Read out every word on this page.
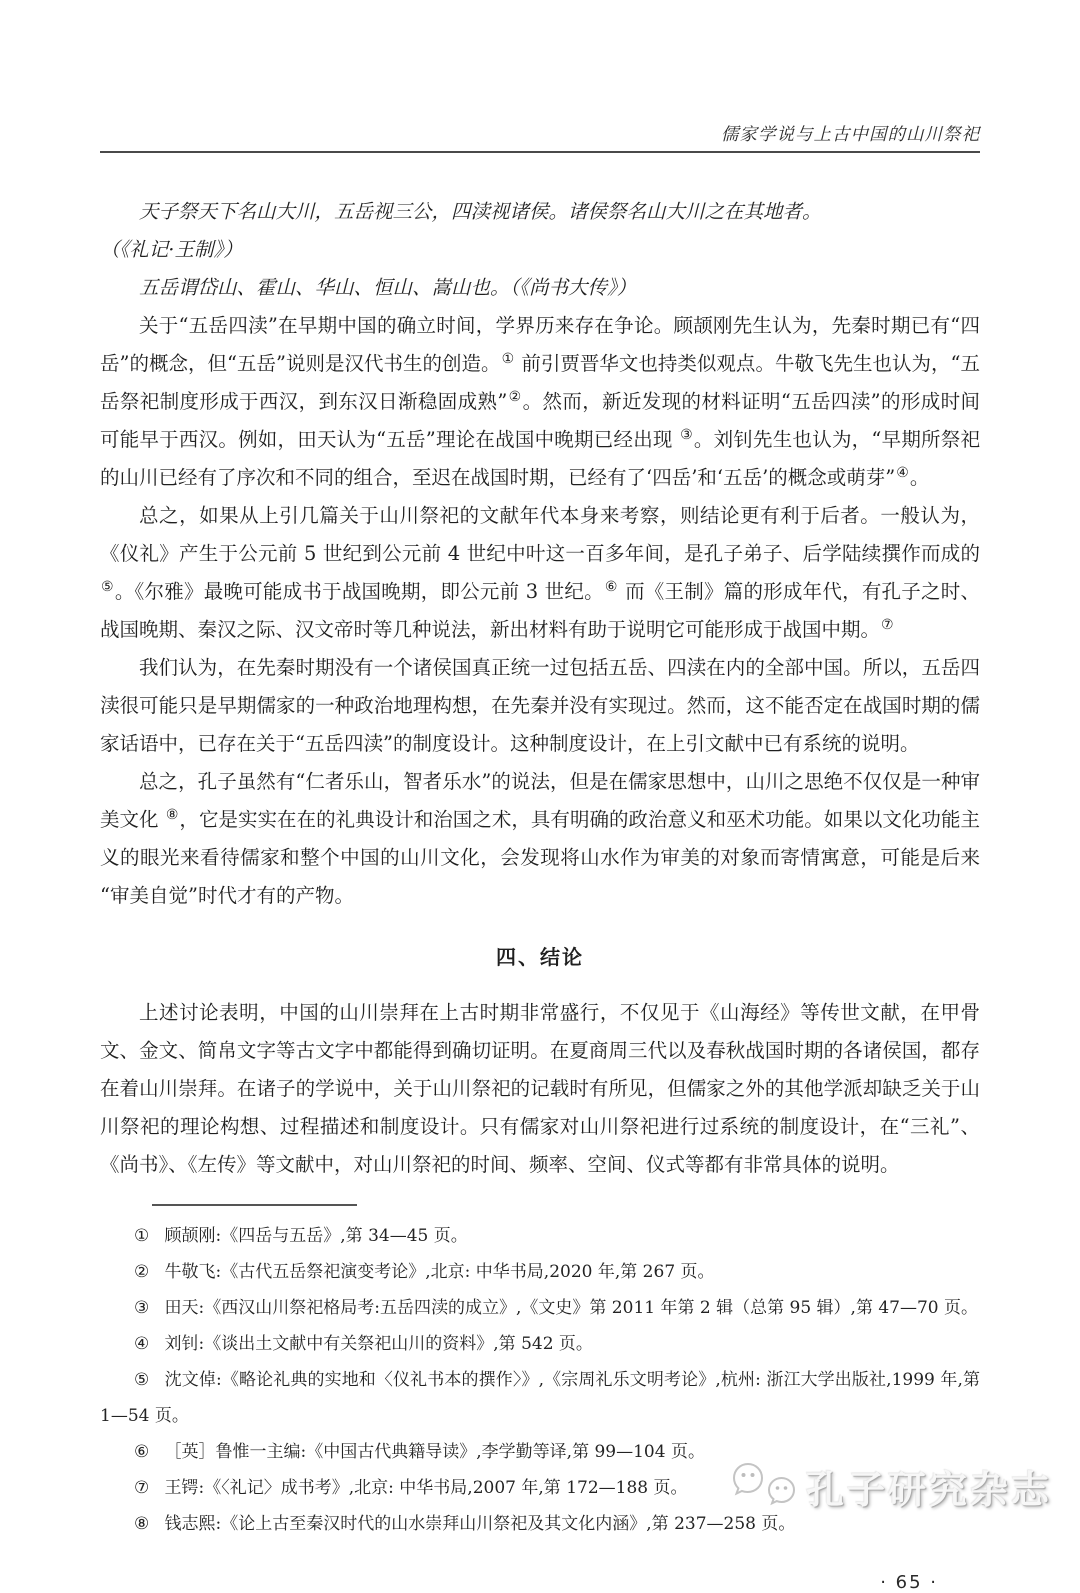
儒家学说与上古中国的山川祭祀

天子祭天下名山大川，五岳视三公，四渎视诸侯。诸侯祭名山大川之在其地者。

（《礼记·王制》）

五岳谓岱山、霍山、华山、恒山、嵩山也。（《尚书大传》）

关于“五岳四渎”在早期中国的确立时间，学界历来存在争论。顾颉刚先生认为，先秦时期已有“四岳”的概念，但“五岳”说则是汉代书生的创造。① 前引贾晋华文也持类似观点。牛敬飞先生也认为，“五岳祭祀制度形成于西汉，到东汉日渐稳固成熟”②。然而，新近发现的材料证明“五岳四渎”的形成时间可能早于西汉。例如，田天认为“五岳”理论在战国中晚期已经出现 ③。刘钊先生也认为，“早期所祭祀的山川已经有了序次和不同的组合，至迟在战国时期，已经有了‘四岳’和‘五岳’的概念或萌芽”④。

总之，如果从上引几篇关于山川祭祀的文献年代本身来考察，则结论更有利于后者。一般认为，《仪礼》产生于公元前 5 世纪到公元前 4 世纪中叶这一百多年间，是孔子弟子、后学陆续撰作而成的 ⑤。《尔雅》最晚可能成书于战国晚期，即公元前 3 世纪。⑥ 而《王制》篇的形成年代，有孔子之时、战国晚期、秦汉之际、汉文帝时等几种说法，新出材料有助于说明它可能形成于战国中期。⑦

我们认为，在先秦时期没有一个诸侯国真正统一过包括五岳、四渎在内的全部中国。所以，五岳四渎很可能只是早期儒家的一种政治地理构想，在先秦并没有实现过。然而，这不能否定在战国时期的儒家话语中，已存在关于“五岳四渎”的制度设计。这种制度设计，在上引文献中已有系统的说明。

总之，孔子虽然有“仁者乐山，智者乐水”的说法，但是在儒家思想中，山川之思绝不仅仅是一种审美文化 ⑧，它是实实在在的礼典设计和治国之术，具有明确的政治意义和巫术功能。如果以文化功能主义的眼光来看待儒家和整个中国的山川文化，会发现将山水作为审美的对象而寄情寓意，可能是后来“审美自觉”时代才有的产物。

四、结论

上述讨论表明，中国的山川崇拜在上古时期非常盛行，不仅见于《山海经》等传世文献，在甲骨文、金文、简帛文字等古文字中都能得到确切证明。在夏商周三代以及春秋战国时期的各诸侯国，都存在着山川崇拜。在诸子的学说中，关于山川祭祀的记载时有所见，但儒家之外的其他学派却缺乏关于山川祭祀的理论构想、过程描述和制度设计。只有儒家对山川祭祀进行过系统的制度设计，在“三礼”、《尚书》、《左传》等文献中，对山川祭祀的时间、频率、空间、仪式等都有非常具体的说明。

① 顾颉刚:《四岳与五岳》,第 34—45 页。

② 牛敬飞:《古代五岳祭祀演变考论》,北京: 中华书局,2020 年,第 267 页。

③ 田天:《西汉山川祭祀格局考:五岳四渎的成立》,《文史》第 2011 年第 2 辑（总第 95 辑）,第 47—70 页。

④ 刘钊:《谈出土文献中有关祭祀山川的资料》,第 542 页。

⑤ 沈文倬:《略论礼典的实地和〈仪礼书本的撰作〉》,《宗周礼乐文明考论》,杭州: 浙江大学出版社,1999 年,第 1—54 页。

⑥ ［英］鲁惟一主编:《中国古代典籍导读》,李学勤等译,第 99—104 页。

⑦ 王锷:《〈礼记〉成书考》,北京: 中华书局,2007 年,第 172—188 页。

⑧ 钱志熙:《论上古至秦汉时代的山水崇拜山川祭祀及其文化内涵》,第 237—258 页。

· 65 ·
孔子研究杂志
